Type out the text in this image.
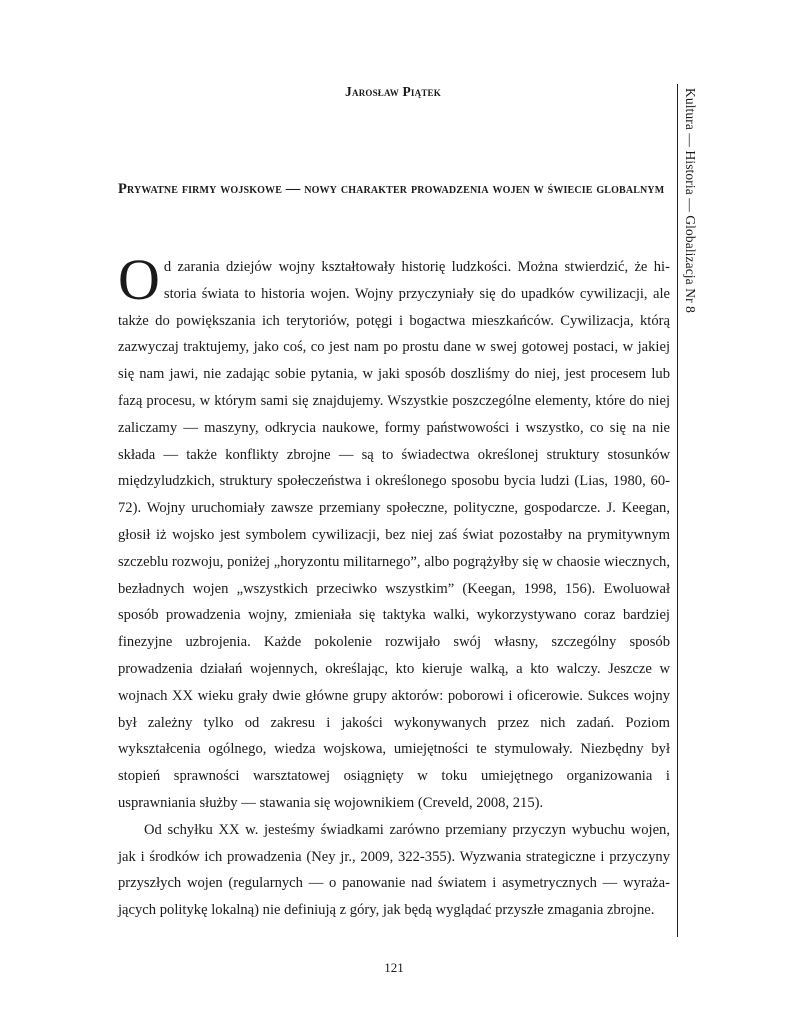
Jarosław Piątek	Kultura — Historia — Globalizacja Nr 8
Prywatne firmy wojskowe — nowy charakter prowadzenia wojen w świecie globalnym

Od zarania dziejów wojny kształtowały historię ludzkości. Można stwierdzić, że historia świata to historia wojen. Wojny przyczyniały się do upadków cywilizacji, ale także do powiększania ich terytoriów, potęgi i bogactwa mieszkańców. Cywilizacja, którą zazwyczaj traktujemy, jako coś, co jest nam po prostu dane w swej gotowej postaci, w jakiej się nam jawi, nie zadając sobie pytania, w jaki sposób doszliśmy do niej, jest procesem lub fazą procesu, w którym sami się znajdujemy. Wszystkie poszczególne elementy, które do niej zaliczamy — maszyny, odkrycia naukowe, formy państwowości i wszystko, co się na nie składa — także konflikty zbrojne — są to świadectwa określonej struktury stosunków międzyludzkich, struktury społeczeństwa i określonego sposobu bycia ludzi (Lias, 1980, 60-72). Wojny uruchomiały zawsze przemiany społeczne, polityczne, gospodarcze. J. Keegan, głosił iż wojsko jest symbolem cywilizacji, bez niej zaś świat pozostałby na prymitywnym szczeblu rozwoju, poniżej „horyzontu militarnego”, albo pogrążyłby się w chaosie wiecznych, bezładnych wojen „wszystkich przeciwko wszystkim” (Keegan, 1998, 156). Ewoluował sposób prowadzenia wojny, zmieniała się taktyka walki, wykorzystywano coraz bardziej finezyjne uzbrojenia. Każde pokolenie rozwijało swój własny, szczególny sposób prowadzenia działań wojennych, określając, kto kieruje walką, a kto walczy. Jeszcze w wojnach XX wieku grały dwie główne grupy aktorów: poborowi i oficerowie. Sukces wojny był zależny tylko od zakresu i jakości wykonywanych przez nich zadań. Poziom wykształcenia ogólnego, wiedza wojskowa, umiejętności te stymulowały. Niezbędny był stopień sprawności warsztatowej osiągnięty w toku umiejętnego organizowania i usprawniania służby — stawania się wojownikiem (Creveld, 2008, 215).

Od schyłku XX w. jesteśmy świadkami zarówno przemiany przyczyn wybuchu wojen, jak i środków ich prowadzenia (Ney jr., 2009, 322-355). Wyzwania strategiczne i przyczyny przyszłych wojen (regularnych — o panowanie nad światem i asymetrycznych — wyrażających politykę lokalną) nie definiują z góry, jak będą wyglądać przyszłe zmagania zbrojne.

121
